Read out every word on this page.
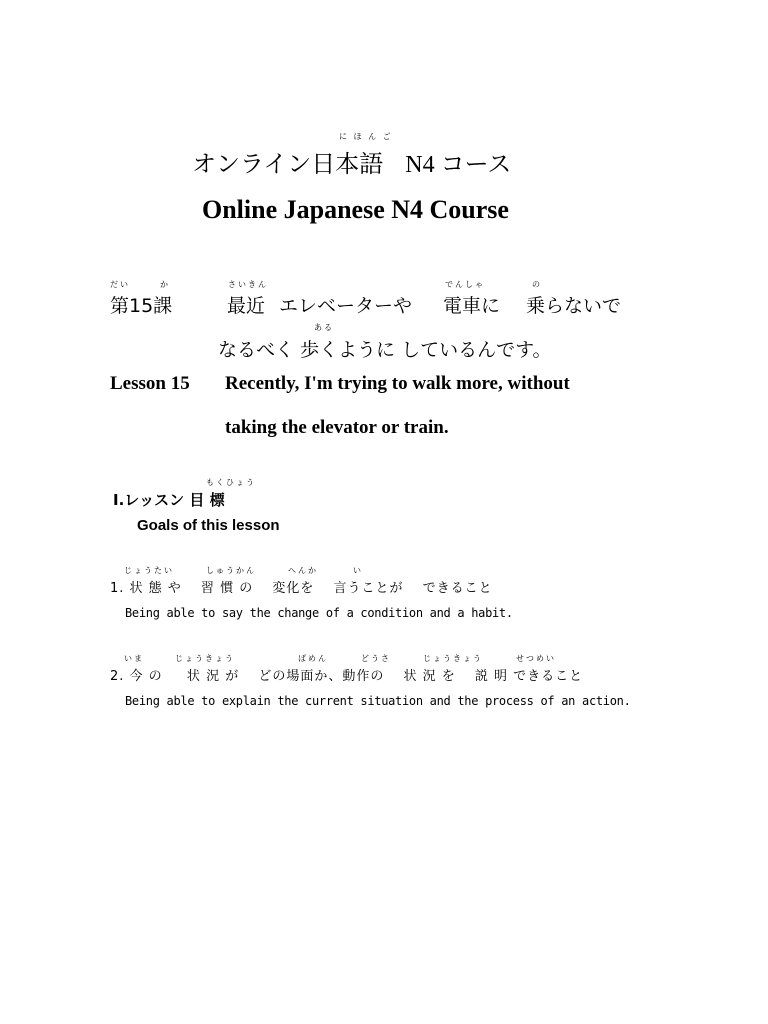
に ほ ん ご
オンライン日本語 N4 コース
Online Japanese N4 Course
だい	か	さいきん	でんしゃ	の
第15課	最近 エレベーターや 電車に 乗らないで
ある
なるべく 歩くように しているんです。
Lesson 15 Recently, I'm trying to walk more, without
taking the elevator or train.
もくひょう
Ⅰ.レッスン 目 標
Goals of this lesson
じょうたい	しゅうかん	へんか	い
1. 状 態 や 　習 慣 の 　変化を 　言うことが 　できること
Being able to say the change of a condition and a habit.
いま	じょうきょう	ばめん	どうさ	じょうきょう	せつめい
2. 今 の 　 状 況 が 　どの場面か、動作の 　状 況 を 　説 明 できること
Being able to explain the current situation and the process of an action.
